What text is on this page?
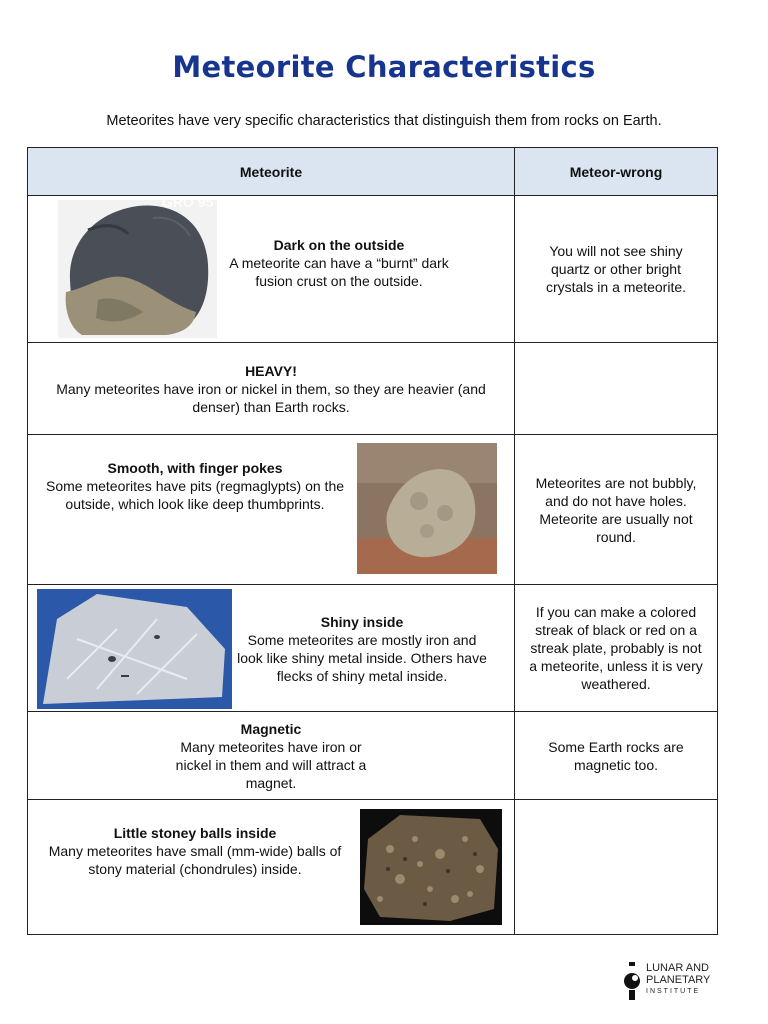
Meteorite Characteristics
Meteorites have very specific characteristics that distinguish them from rocks on Earth.
Meteorite	Meteor-wrong

GRO 95
Dark on the outside
A meteorite can have a “burnt” dark fusion crust on the outside.	You will not see shiny quartz or other bright crystals in a meteorite.

HEAVY!
Many meteorites have iron or nickel in them, so they are heavier (and denser) than Earth rocks.	

Smooth, with finger pokes
Some meteorites have pits (regmaglypts) on the outside, which look like deep thumbprints.	Meteorites are not bubbly, and do not have holes. Meteorite are usually not round.

Shiny inside
Some meteorites are mostly iron and look like shiny metal inside. Others have flecks of shiny metal inside.	If you can make a colored streak of black or red on a streak plate, probably is not a meteorite, unless it is very weathered.

Magnetic
Many meteorites have iron or nickel in them and will attract a magnet.	Some Earth rocks are magnetic too.

Little stoney balls inside
Many meteorites have small (mm-wide) balls of stony material (chondrules) inside.	

LUNAR AND
PLANETARY
INSTITUTE
